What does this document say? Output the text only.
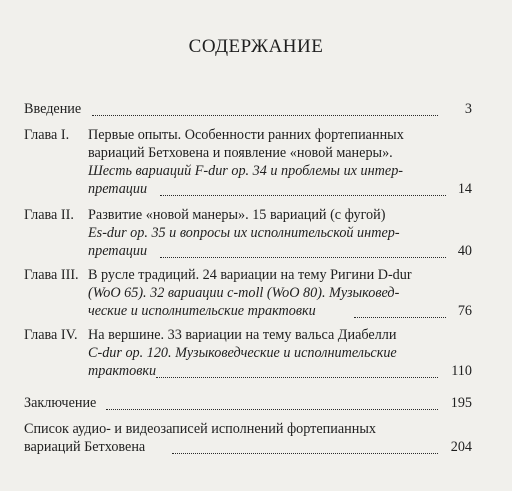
СОДЕРЖАНИЕ
Введение	3
Глава I. Первые опыты. Особенности ранних фортепианных
вариаций Бетховена и появление «новой манеры».
Шесть вариаций F-dur op. 34 и проблемы их интер-
претации	14
Глава II. Развитие «новой манеры». 15 вариаций (с фугой)
Es-dur op. 35 и вопросы их исполнительской интер-
претации	40
Глава III. В русле традиций. 24 вариации на тему Ригини D-dur
(WoO 65). 32 вариации c-moll (WoO 80). Музыковед-
ческие и исполнительские трактовки	76
Глава IV. На вершине. 33 вариации на тему вальса Диабелли
C-dur op. 120. Музыковедческие и исполнительские
трактовки	110
Заключение	195
Список аудио- и видеозаписей исполнений фортепианных
вариаций Бетховена	204
